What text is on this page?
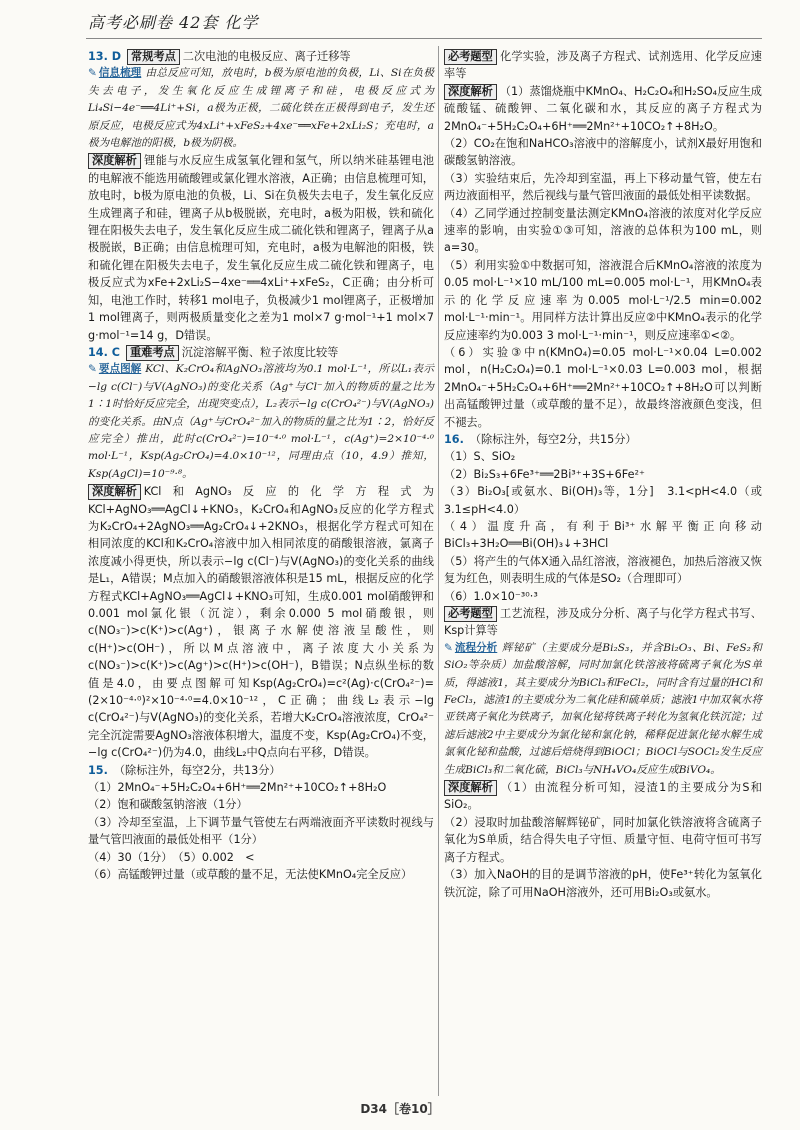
高考必刷卷 42套 化学

13. D 常规考点 二次电池的电极反应、离子迁移等

✎ 信息梳理 由总反应可知，放电时，b极为原电池的负极，Li、Si在负极失去电子，发生氧化反应生成锂离子和硅，电极反应式为Li₄Si−4e⁻══4Li⁺+Si，a极为正极，二硫化铁在正极得到电子，发生还原反应，电极反应式为4xLi⁺+xFeS₂+4xe⁻══xFe+2xLi₂S；充电时，a极为电解池的阳极，b极为阴极。

深度解析 锂能与水反应生成氢氧化锂和氢气，所以纳米硅基锂电池的电解液不能选用硫酸锂或氯化锂水溶液，A正确；由信息梳理可知，放电时，b极为原电池的负极，Li、Si在负极失去电子，发生氧化反应生成锂离子和硅，锂离子从b极脱嵌，充电时，a极为阳极，铁和硫化锂在阳极失去电子，发生氧化反应生成二硫化铁和锂离子，锂离子从a极脱嵌，B正确；由信息梳理可知，充电时，a极为电解池的阳极，铁和硫化锂在阳极失去电子，发生氧化反应生成二硫化铁和锂离子，电极反应式为xFe+2xLi₂S−4xe⁻══4xLi⁺+xFeS₂，C正确；由分析可知，电池工作时，转移1 mol电子，负极减少1 mol锂离子，正极增加1 mol锂离子，则两极质量变化之差为1 mol×7 g·mol⁻¹+1 mol×7 g·mol⁻¹=14 g，D错误。

14. C 重难考点 沉淀溶解平衡、粒子浓度比较等

✎ 要点图解 KCl、K₂CrO₄和AgNO₃溶液均为0.1 mol·L⁻¹，所以L₁表示−lg c(Cl⁻)与V(AgNO₃)的变化关系（Ag⁺与Cl⁻加入的物质的量之比为1∶1时恰好反应完全，出现突变点），L₂表示−lg c(CrO₄²⁻)与V(AgNO₃)的变化关系。由N点（Ag⁺与CrO₄²⁻加入的物质的量之比为1∶2，恰好反应完全）推出，此时c(CrO₄²⁻)=10⁻⁴·⁰ mol·L⁻¹，c(Ag⁺)=2×10⁻⁴·⁰ mol·L⁻¹，Ksp(Ag₂CrO₄)=4.0×10⁻¹²，同理由点（10，4.9）推知，Ksp(AgCl)=10⁻⁹·⁸。

深度解析 KCl和AgNO₃反应的化学方程式为KCl+AgNO₃══AgCl↓+KNO₃，K₂CrO₄和AgNO₃反应的化学方程式为K₂CrO₄+2AgNO₃══Ag₂CrO₄↓+2KNO₃，根据化学方程式可知在相同浓度的KCl和K₂CrO₄溶液中加入相同浓度的硝酸银溶液，氯离子浓度减小得更快，所以表示−lg c(Cl⁻)与V(AgNO₃)的变化关系的曲线是L₁，A错误；M点加入的硝酸银溶液体积是15 mL，根据反应的化学方程式KCl+AgNO₃══AgCl↓+KNO₃可知，生成0.001 mol硝酸钾和0.001 mol氯化银（沉淀），剩余0.000 5 mol硝酸银，则c(NO₃⁻)>c(K⁺)>c(Ag⁺)，银离子水解使溶液呈酸性，则c(H⁺)>c(OH⁻)，所以M点溶液中，离子浓度大小关系为c(NO₃⁻)>c(K⁺)>c(Ag⁺)>c(H⁺)>c(OH⁻)，B错误；N点纵坐标的数值是4.0，由要点图解可知Ksp(Ag₂CrO₄)=c²(Ag)·c(CrO₄²⁻)=(2×10⁻⁴·⁰)²×10⁻⁴·⁰=4.0×10⁻¹²，C正确；曲线L₂表示−lg c(CrO₄²⁻)与V(AgNO₃)的变化关系，若增大K₂CrO₄溶液浓度，CrO₄²⁻完全沉淀需要AgNO₃溶液体积增大，温度不变，Ksp(Ag₂CrO₄)不变，−lg c(CrO₄²⁻)仍为4.0，曲线L₂中Q点向右平移，D错误。

15. （除标注外，每空2分，共13分）

（1）2MnO₄⁻+5H₂C₂O₄+6H⁺══2Mn²⁺+10CO₂↑+8H₂O

（2）饱和碳酸氢钠溶液（1分）

（3）冷却至室温，上下调节量气管使左右两端液面齐平读数时视线与量气管凹液面的最低处相平（1分）

（4）30（1分）　（5）0.002　<

（6）高锰酸钾过量（或草酸的量不足，无法使KMnO₄完全反应）

必考题型 化学实验，涉及离子方程式、试剂选用、化学反应速率等

深度解析 （1）蒸馏烧瓶中KMnO₄、H₂C₂O₄和H₂SO₄反应生成硫酸锰、硫酸钾、二氧化碳和水，其反应的离子方程式为2MnO₄⁻+5H₂C₂O₄+6H⁺══2Mn²⁺+10CO₂↑+8H₂O。

（2）CO₂在饱和NaHCO₃溶液中的溶解度小，试剂X最好用饱和碳酸氢钠溶液。

（3）实验结束后，先冷却到室温，再上下移动量气管，使左右两边液面相平，然后视线与量气管凹液面的最低处相平读数据。

（4）乙同学通过控制变量法测定KMnO₄溶液的浓度对化学反应速率的影响，由实验①③可知，溶液的总体积为100 mL，则a=30。

（5）利用实验①中数据可知，溶液混合后KMnO₄溶液的浓度为0.05 mol·L⁻¹×10 mL/100 mL=0.005 mol·L⁻¹，用KMnO₄表示的化学反应速率为0.005 mol·L⁻¹/2.5 min=0.002 mol·L⁻¹·min⁻¹。用同样方法计算出反应②中KMnO₄表示的化学反应速率约为0.003 3 mol·L⁻¹·min⁻¹，则反应速率①<②。

（6）实验③中n(KMnO₄)=0.05 mol·L⁻¹×0.04 L=0.002 mol，n(H₂C₂O₄)=0.1 mol·L⁻¹×0.03 L=0.003 mol，根据2MnO₄⁻+5H₂C₂O₄+6H⁺══2Mn²⁺+10CO₂↑+8H₂O可以判断出高锰酸钾过量（或草酸的量不足），故最终溶液颜色变浅，但不褪去。

16. （除标注外，每空2分，共15分）

（1）S、SiO₂

（2）Bi₂S₃+6Fe³⁺══2Bi³⁺+3S+6Fe²⁺

（3）Bi₂O₃[或氨水、Bi(OH)₃等，1分]　3.1<pH<4.0（或3.1≤pH<4.0）

（4）温度升高，有利于Bi³⁺水解平衡正向移动　BiCl₃+3H₂O══Bi(OH)₃↓+3HCl

（5）将产生的气体X通入品红溶液，溶液褪色，加热后溶液又恢复为红色，则表明生成的气体是SO₂（合理即可）

（6）1.0×10⁻³⁰·³

必考题型 工艺流程，涉及成分分析、离子与化学方程式书写、Ksp计算等

✎ 流程分析 辉铋矿（主要成分是Bi₂S₃，并含Bi₂O₃、Bi、FeS₂和SiO₂等杂质）加盐酸溶解，同时加氯化铁溶液将硫离子氧化为S单质，得滤液1，其主要成分为BiCl₃和FeCl₂，同时含有过量的HCl和FeCl₃，滤渣1的主要成分为二氧化硅和硫单质；滤液1中加双氧水将亚铁离子氧化为铁离子，加氧化铋将铁离子转化为氢氧化铁沉淀；过滤后滤液2中主要成分为氯化铋和氯化钠，稀释促进氯化铋水解生成氯氧化铋和盐酸，过滤后焙烧得到BiOCl；BiOCl与SOCl₂发生反应生成BiCl₃和二氧化硫，BiCl₃与NH₄VO₄反应生成BiVO₄。

深度解析 （1）由流程分析可知，浸渣1的主要成分为S和SiO₂。

（2）浸取时加盐酸溶解辉铋矿，同时加氯化铁溶液将含硫离子氧化为S单质，结合得失电子守恒、质量守恒、电荷守恒可书写离子方程式。

（3）加入NaOH的目的是调节溶液的pH，使Fe³⁺转化为氢氧化铁沉淀，除了可用NaOH溶液外，还可用Bi₂O₃或氨水。

D34［卷10］
